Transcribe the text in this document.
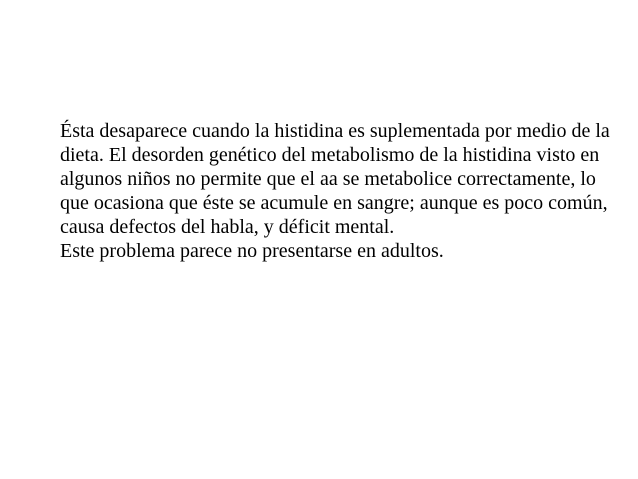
Ésta desaparece cuando la histidina es suplementada por medio de la dieta. El desorden genético del metabolismo de la histidina visto en algunos niños no permite que el aa se metabolice correctamente, lo que ocasiona que éste se acumule en sangre; aunque es poco común, causa defectos del habla, y déficit mental.

Este problema parece no presentarse en adultos.
